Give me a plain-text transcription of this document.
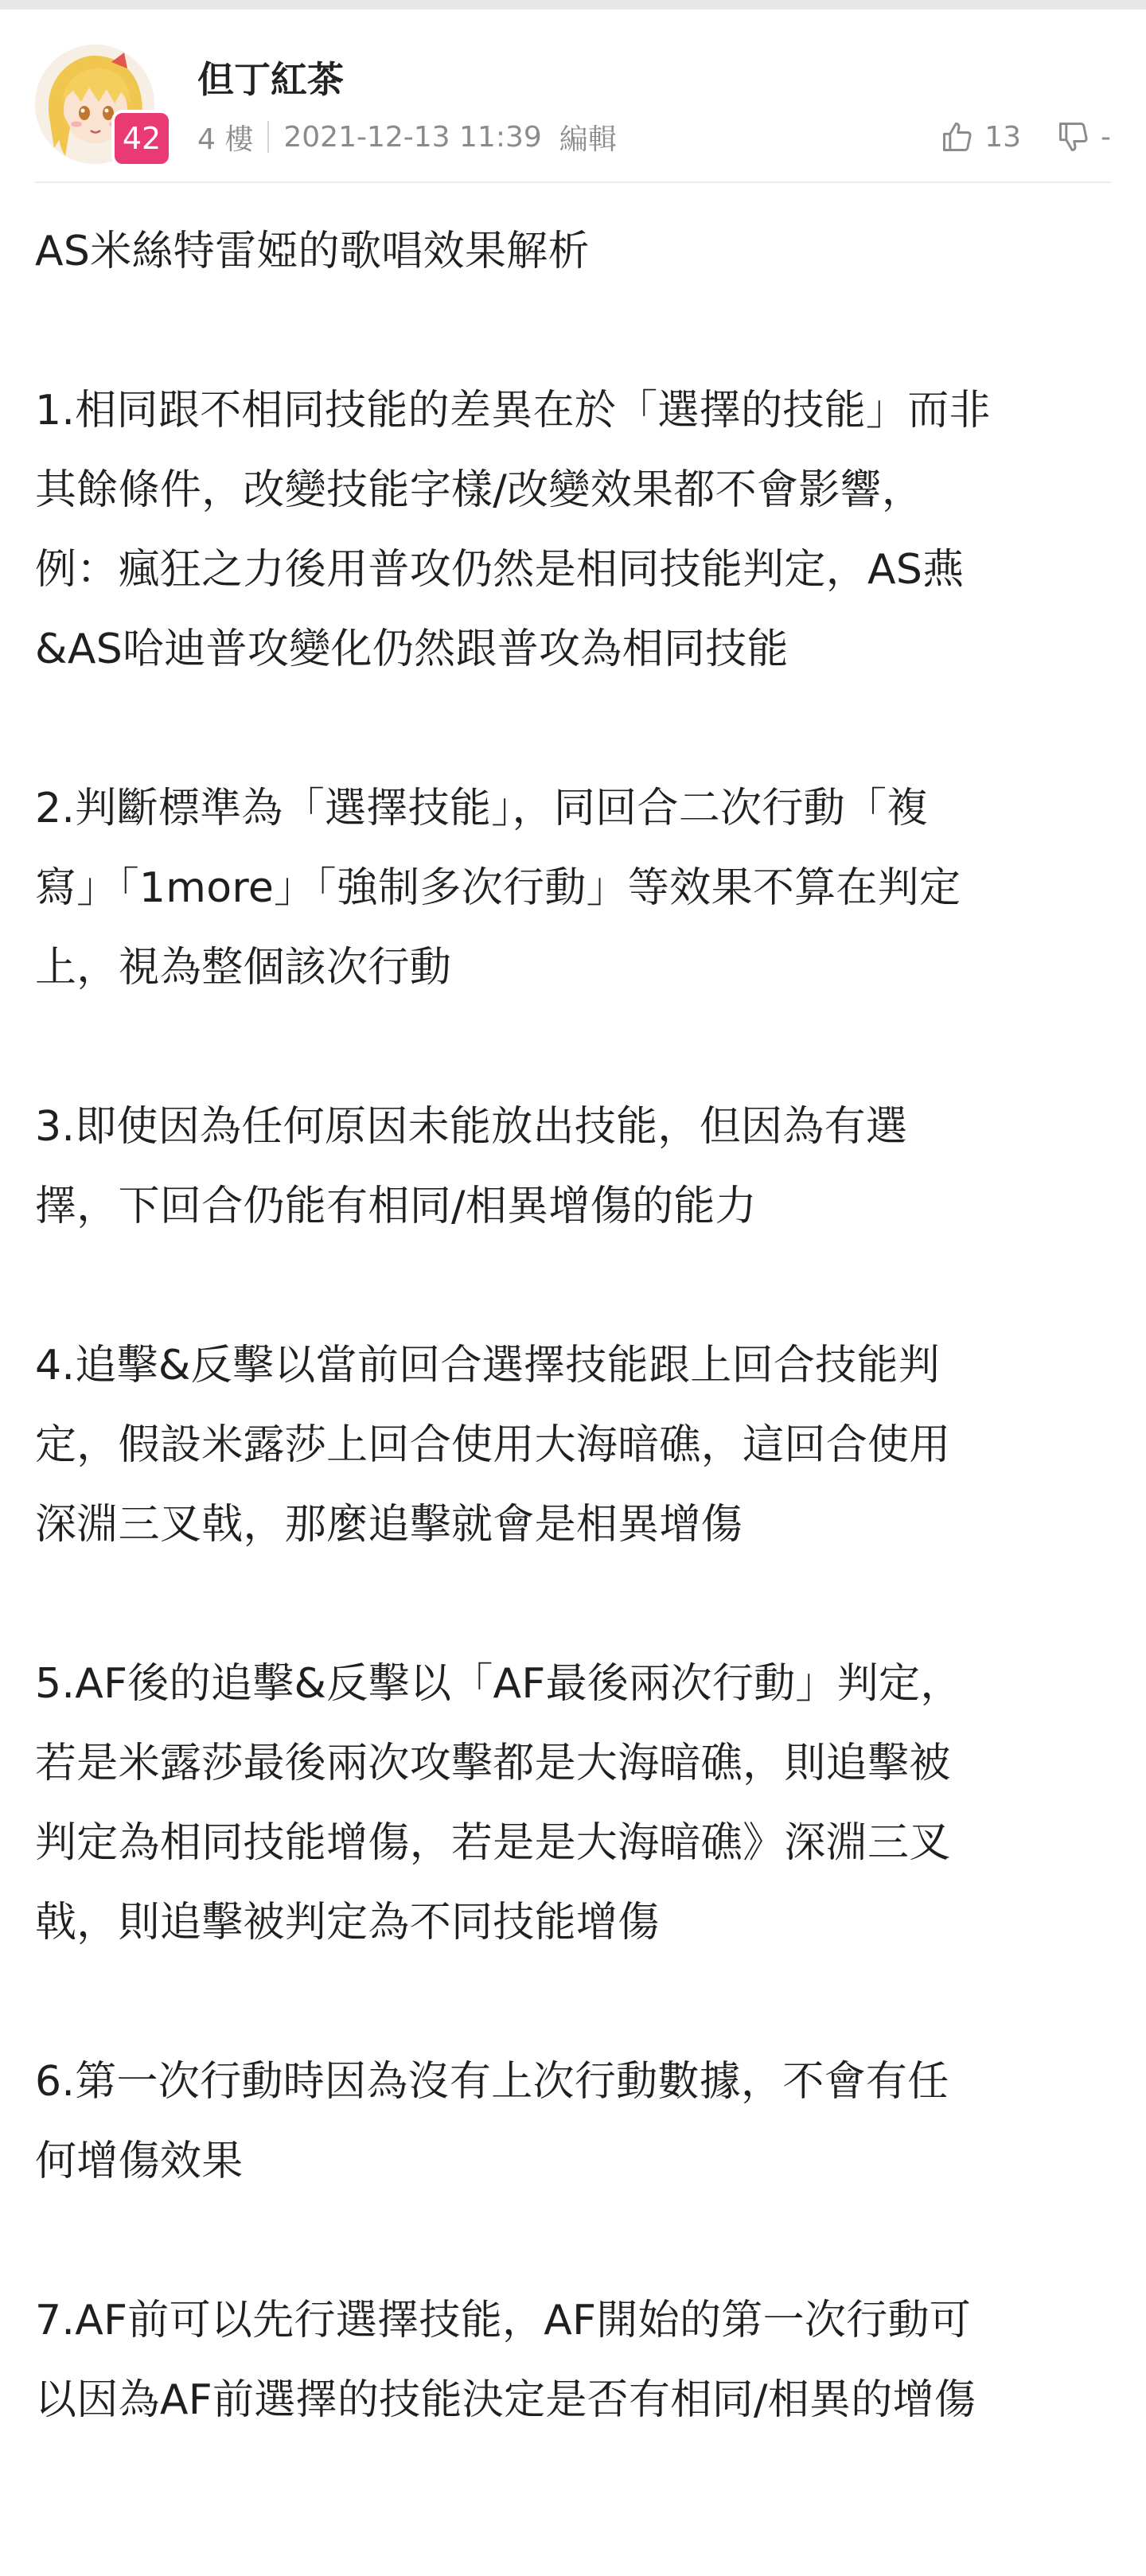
42
但丁紅茶
4 樓 2021-12-13 11:39 編輯	13	-

AS米絲特雷婭的歌唱效果解析

1.相同跟不相同技能的差異在於「選擇的技能」而非

其餘條件，改變技能字樣/改變效果都不會影響，

例：瘋狂之力後用普攻仍然是相同技能判定，AS燕

&AS哈迪普攻變化仍然跟普攻為相同技能

2.判斷標準為「選擇技能」，同回合二次行動「複

寫」「1more」「強制多次行動」等效果不算在判定

上，視為整個該次行動

3.即使因為任何原因未能放出技能，但因為有選

擇，下回合仍能有相同/相異增傷的能力

4.追擊&反擊以當前回合選擇技能跟上回合技能判

定，假設米露莎上回合使用大海暗礁，這回合使用

深淵三叉戟，那麼追擊就會是相異增傷

5.AF後的追擊&反擊以「AF最後兩次行動」判定，

若是米露莎最後兩次攻擊都是大海暗礁，則追擊被

判定為相同技能增傷，若是是大海暗礁》深淵三叉

戟，則追擊被判定為不同技能增傷

6.第一次行動時因為沒有上次行動數據，不會有任

何增傷效果

7.AF前可以先行選擇技能，AF開始的第一次行動可

以因為AF前選擇的技能決定是否有相同/相異的增傷
